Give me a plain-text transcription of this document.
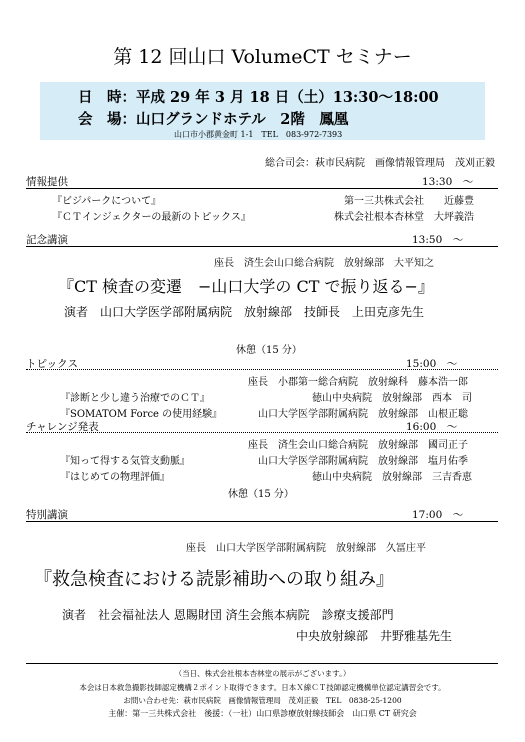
第 12 回山口 VolumeCT セミナー
日　時：平成 29 年 3 月 18 日（土）13:30〜18:00
会　場：山口グランドホテル　2階　鳳凰
山口市小郡黄金町 1-1　TEL　083-972-7393
総合司会：萩市民病院　画像情報管理局　茂刈正毅
情報提供	13:30　〜
『ビジパークについて』	第一三共株式会社　　近藤豊
『ＣＴインジェクターの最新のトピックス』	株式会社根本杏林堂　大坪義浩
記念講演	13:50　〜
座長　済生会山口総合病院　放射線部　大平知之
『CT 検査の変遷　−山口大学の CT で振り返る−』
演者　山口大学医学部附属病院　放射線部　技師長　上田克彦先生
休憩（15 分）
トピックス	15:00　〜
座長　小郡第一総合病院　放射線科　藤本浩一郎
『診断と少し違う治療でのＣＴ』	徳山中央病院　放射線部　西本　司
『SOMATOM Force の使用経験』	山口大学医学部附属病院　放射線部　山根正聡
チャレンジ発表	16:00　〜
座長　済生会山口総合病院　放射線部　國司正子
『知って得する気管支動脈』	山口大学医学部附属病院　放射線部　塩月佑季
『はじめての物理評価』	徳山中央病院　放射線部　三吉香恵
休憩（15 分）
特別講演	17:00　〜
座長　山口大学医学部附属病院　放射線部　久冨庄平
『救急検査における読影補助への取り組み』
演者　社会福祉法人 恩賜財団 済生会熊本病院　診療支援部門
中央放射線部　井野雅基先生
（当日、株式会社根本杏林堂の展示がございます。）
本会は日本救急撮影技師認定機構２ポイント取得できます。日本Ｘ線ＣＴ技師認定機構単位認定講習会です。
お問い合わせ先：萩市民病院　画像情報管理局　茂刈正毅　TEL　0838-25-1200
主催：第一三共株式会社　後援：（一社）山口県診療放射線技師会　山口県 CT 研究会
